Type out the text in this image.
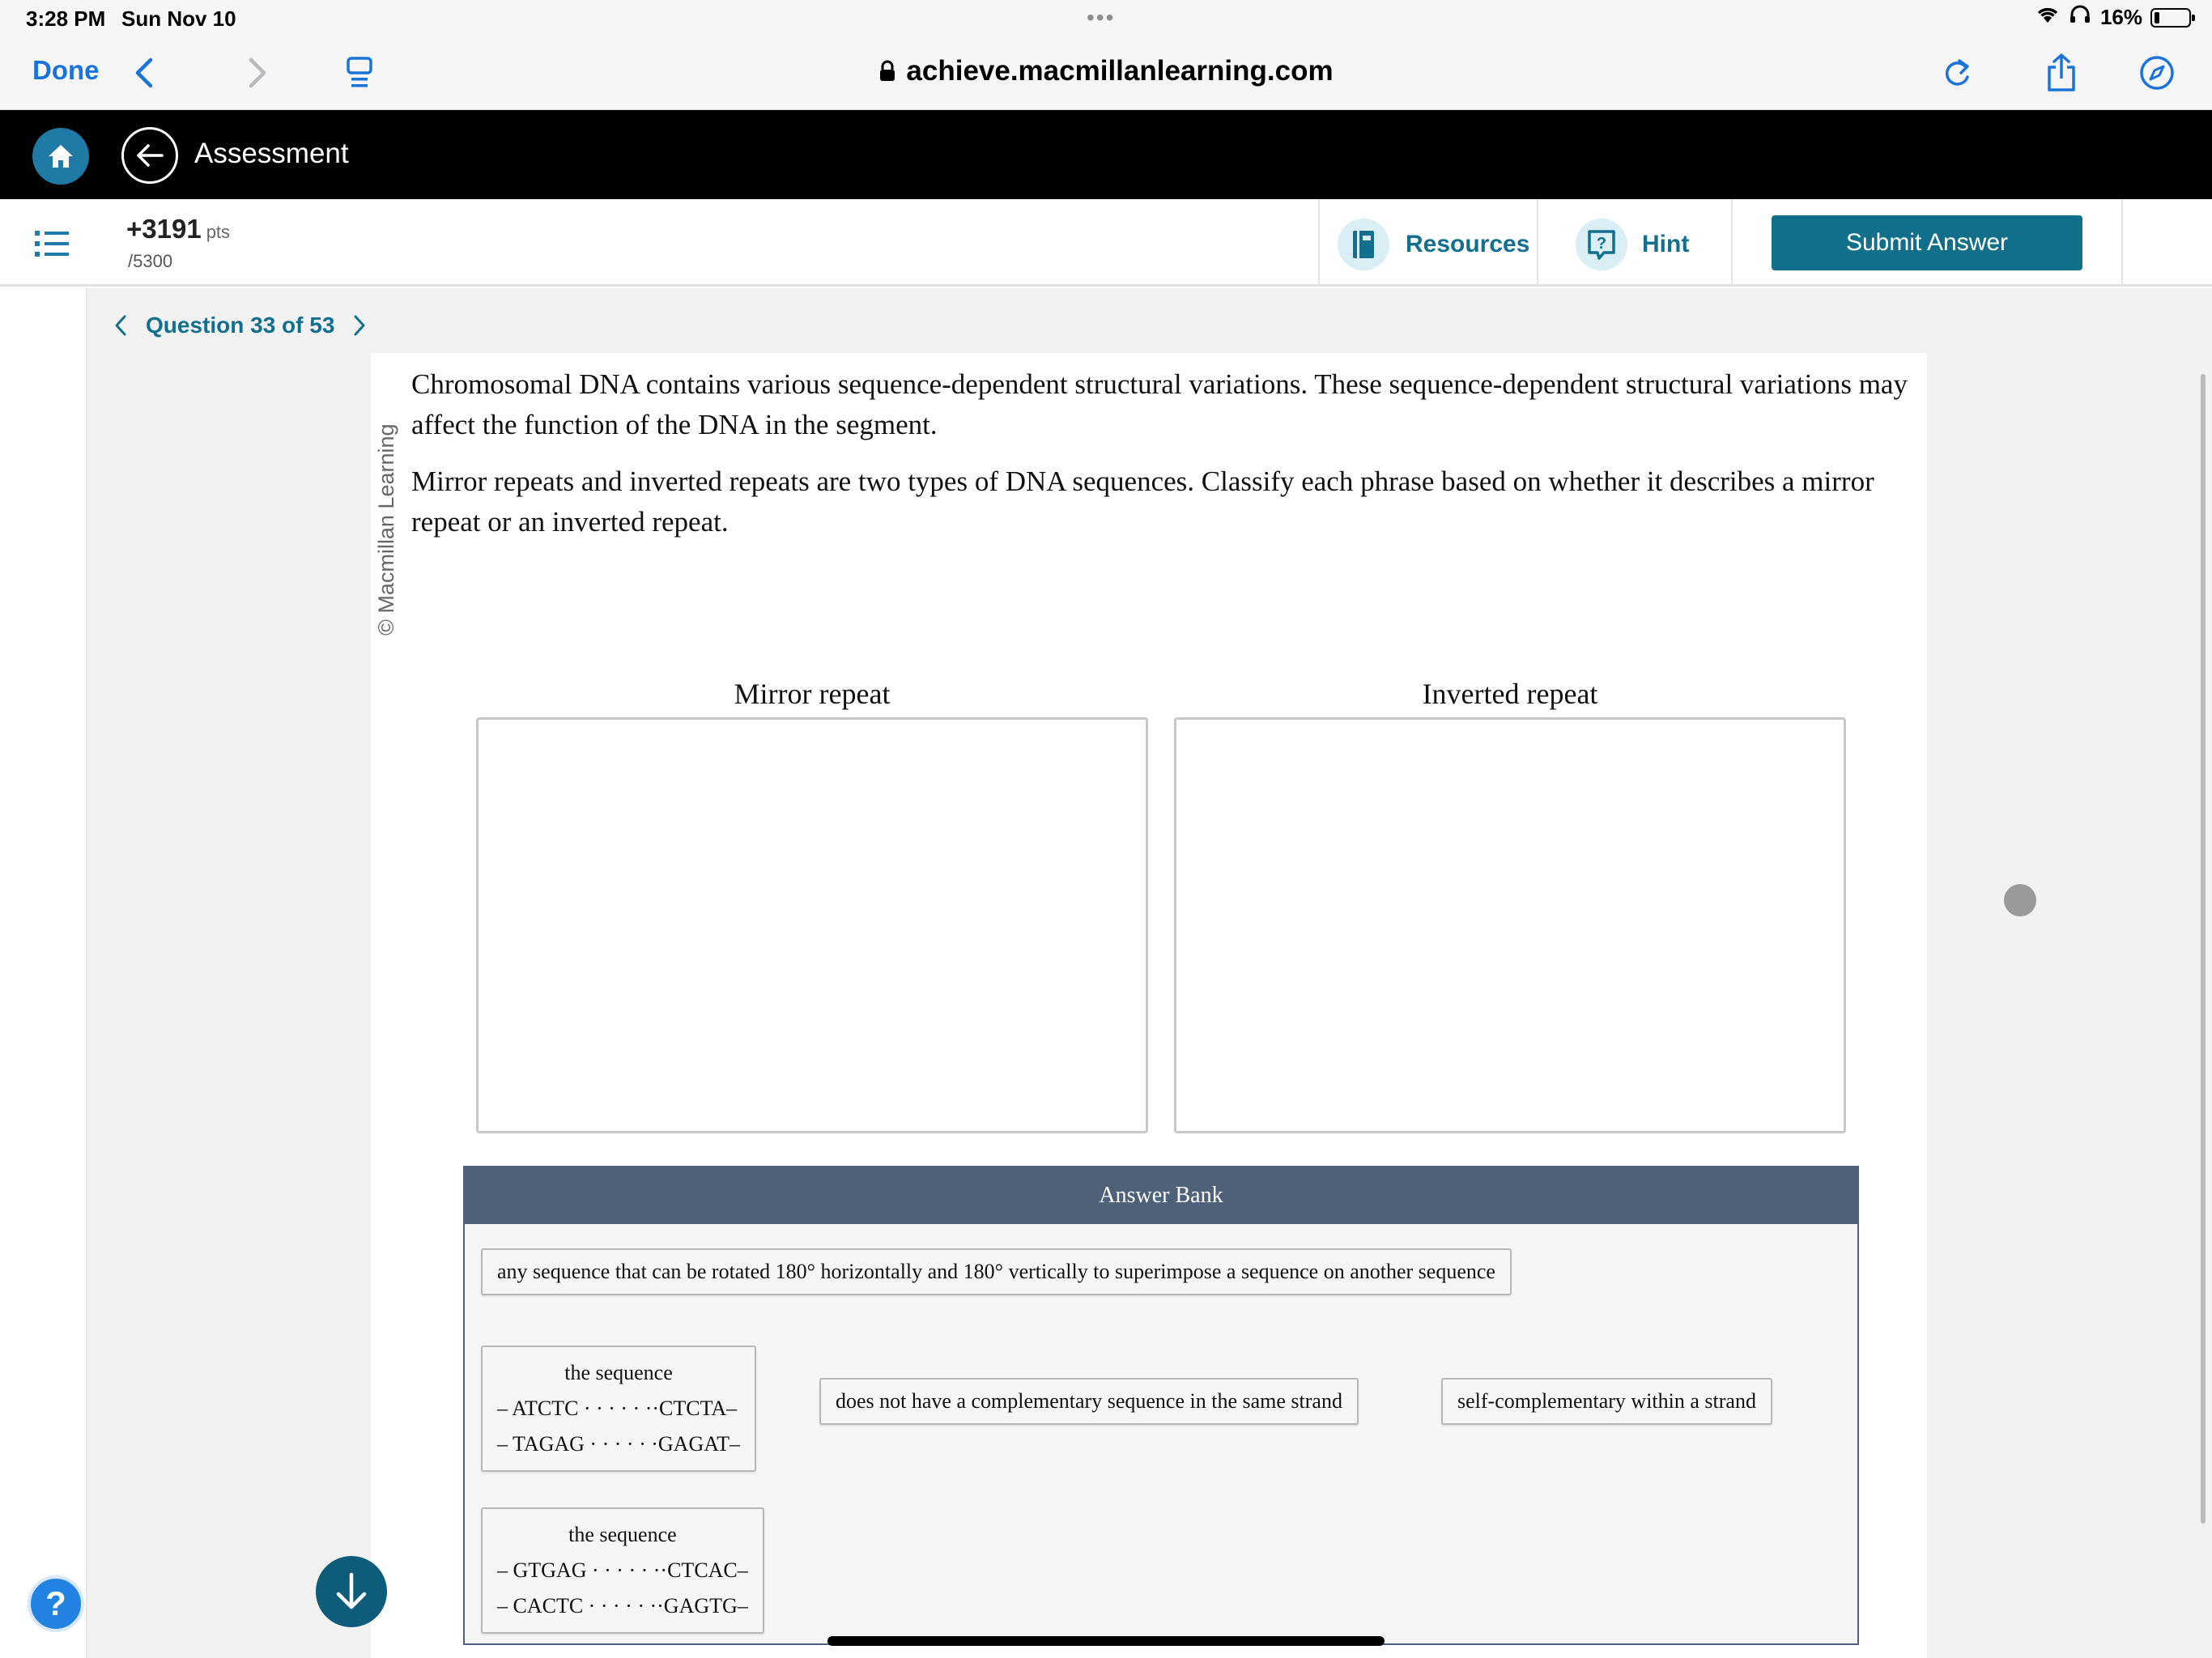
3:28 PM Sun Nov 10	•••	16%
Done	achieve.macmillanlearning.com
Assessment
+3191 pts
/5300
Resources	? Hint	Submit Answer
Question 33 of 53
© Macmillan Learning

Chromosomal DNA contains various sequence-dependent structural variations. These sequence-dependent structural variations may affect the function of the DNA in the segment.

Mirror repeats and inverted repeats are two types of DNA sequences. Classify each phrase based on whether it describes a mirror repeat or an inverted repeat.

Mirror repeat	Inverted repeat
Answer Bank
any sequence that can be rotated 180° horizontally and 180° vertically to superimpose a sequence on another sequence
the sequence
– ATCTC · · · · · ··CTCTA–
– TAGAG · · · · · ·GAGAT–
does not have a complementary sequence in the same strand	self-complementary within a strand
the sequence
– GTGAG · · · · · ··CTCAC–
– CACTC · · · · · ··GAGTG–
?
